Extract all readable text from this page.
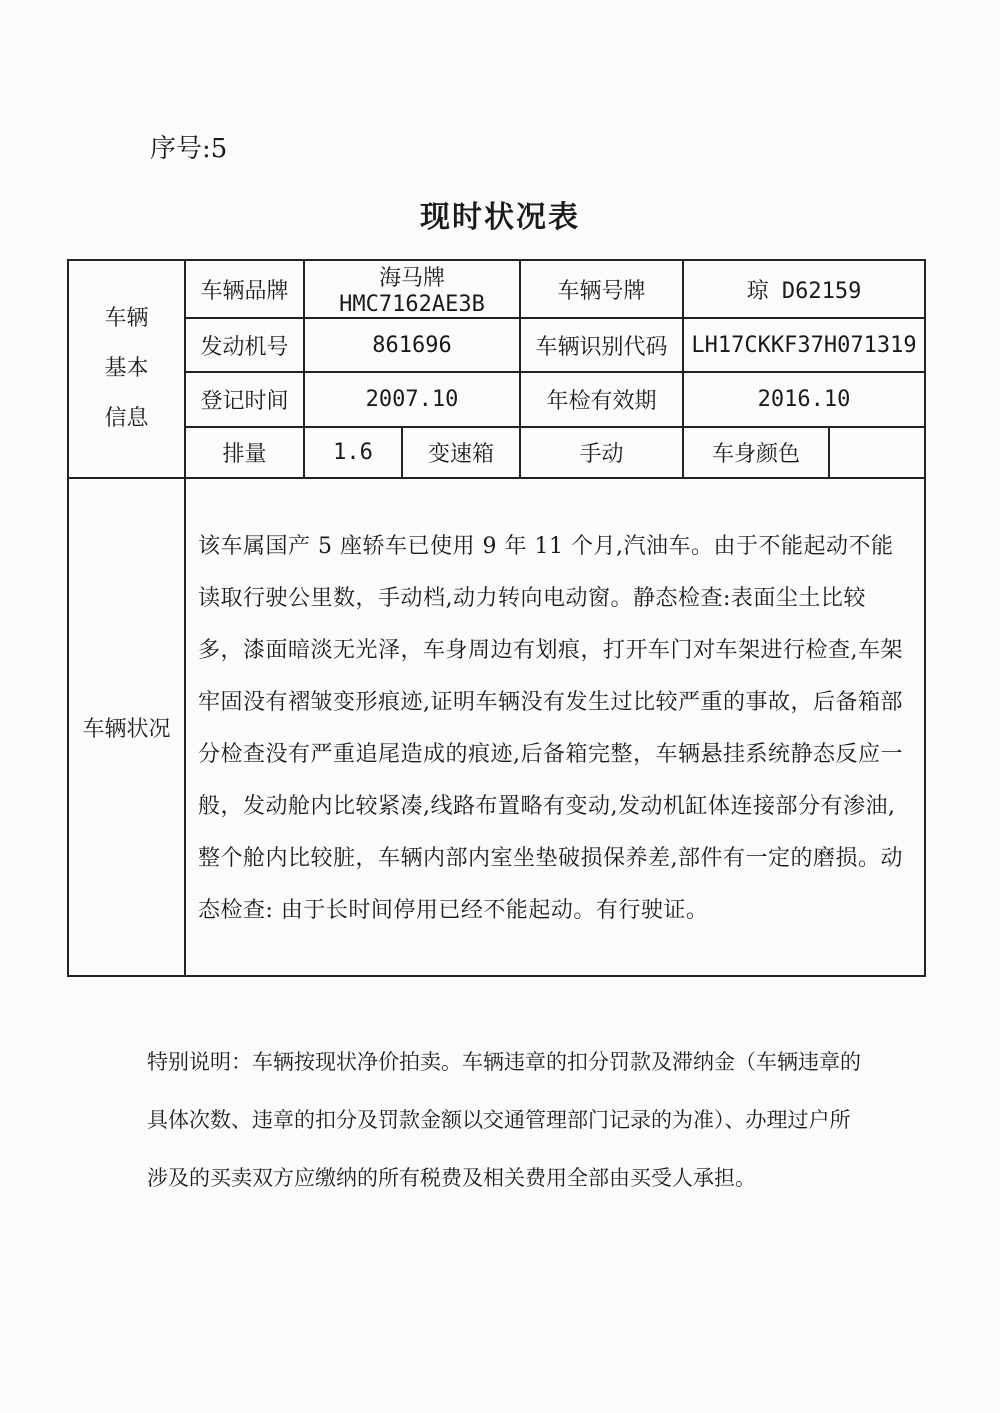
序号:5
现时状况表
车辆
基本
信息	车辆品牌	海马牌 HMC7162AE3B		车辆号牌	琼 D62159	
	发动机号	861696		车辆识别代码	LH17CKKF37H071319	
	登记时间	2007.10		年检有效期	2016.10	
	排量	1.6	变速箱	手动	车身颜色	
车辆状况	该车属国产 5 座轿车已使用 9 年 11 个月,汽油车。由于不能起动不能读取行驶公里数，手动档,动力转向电动窗。静态检查:表面尘土比较多，漆面暗淡无光泽，车身周边有划痕，打开车门对车架进行检查,车架牢固没有褶皱变形痕迹,证明车辆没有发生过比较严重的事故，后备箱部分检查没有严重追尾造成的痕迹,后备箱完整，车辆悬挂系统静态反应一般，发动舱内比较紧凑,线路布置略有变动,发动机缸体连接部分有渗油,整个舱内比较脏，车辆内部内室坐垫破损保养差,部件有一定的磨损。动态检查: 由于长时间停用已经不能起动。有行驶证。					
特别说明：车辆按现状净价拍卖。车辆违章的扣分罚款及滞纳金（车辆违章的具体次数、违章的扣分及罚款金额以交通管理部门记录的为准）、办理过户所涉及的买卖双方应缴纳的所有税费及相关费用全部由买受人承担。
